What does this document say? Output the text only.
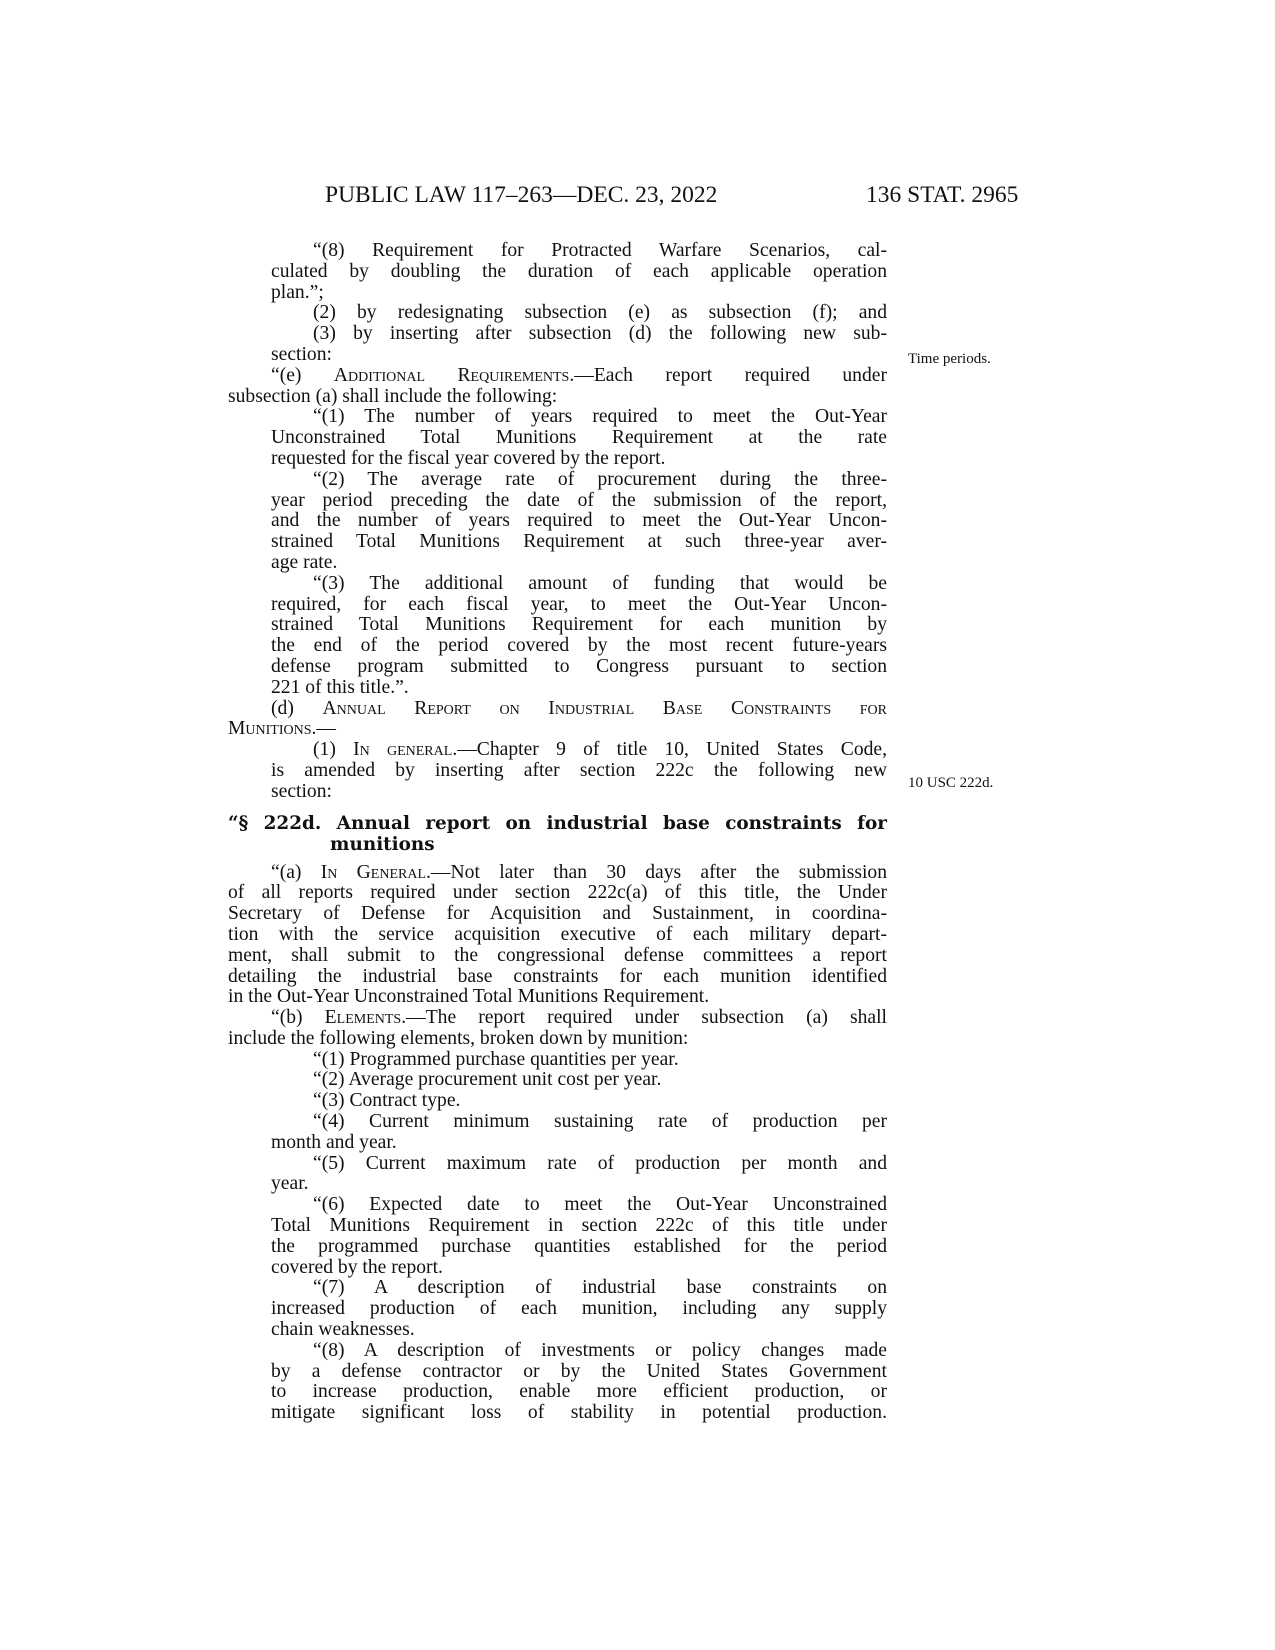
PUBLIC LAW 117–263—DEC. 23, 2022	136 STAT. 2965
Time periods.
10 USC 222d.
“(8) Requirement for Protracted Warfare Scenarios, cal-
culated by doubling the duration of each applicable operation
plan.”;
(2) by redesignating subsection (e) as subsection (f); and
(3) by inserting after subsection (d) the following new sub-
section:
“(e) Additional Requirements.—Each report required under
subsection (a) shall include the following:
“(1) The number of years required to meet the Out-Year
Unconstrained Total Munitions Requirement at the rate
requested for the fiscal year covered by the report.
“(2) The average rate of procurement during the three-
year period preceding the date of the submission of the report,
and the number of years required to meet the Out-Year Uncon-
strained Total Munitions Requirement at such three-year aver-
age rate.
“(3) The additional amount of funding that would be
required, for each fiscal year, to meet the Out-Year Uncon-
strained Total Munitions Requirement for each munition by
the end of the period covered by the most recent future-years
defense program submitted to Congress pursuant to section
221 of this title.”.
(d) Annual Report on Industrial Base Constraints for
Munitions.—
(1) In general.—Chapter 9 of title 10, United States Code,
is amended by inserting after section 222c the following new
section:
“§ 222d. Annual report on industrial base constraints for
munitions
“(a) In General.—Not later than 30 days after the submission
of all reports required under section 222c(a) of this title, the Under
Secretary of Defense for Acquisition and Sustainment, in coordina-
tion with the service acquisition executive of each military depart-
ment, shall submit to the congressional defense committees a report
detailing the industrial base constraints for each munition identified
in the Out-Year Unconstrained Total Munitions Requirement.
“(b) Elements.—The report required under subsection (a) shall
include the following elements, broken down by munition:
“(1) Programmed purchase quantities per year.
“(2) Average procurement unit cost per year.
“(3) Contract type.
“(4) Current minimum sustaining rate of production per
month and year.
“(5) Current maximum rate of production per month and
year.
“(6) Expected date to meet the Out-Year Unconstrained
Total Munitions Requirement in section 222c of this title under
the programmed purchase quantities established for the period
covered by the report.
“(7) A description of industrial base constraints on
increased production of each munition, including any supply
chain weaknesses.
“(8) A description of investments or policy changes made
by a defense contractor or by the United States Government
to increase production, enable more efficient production, or
mitigate significant loss of stability in potential production.
